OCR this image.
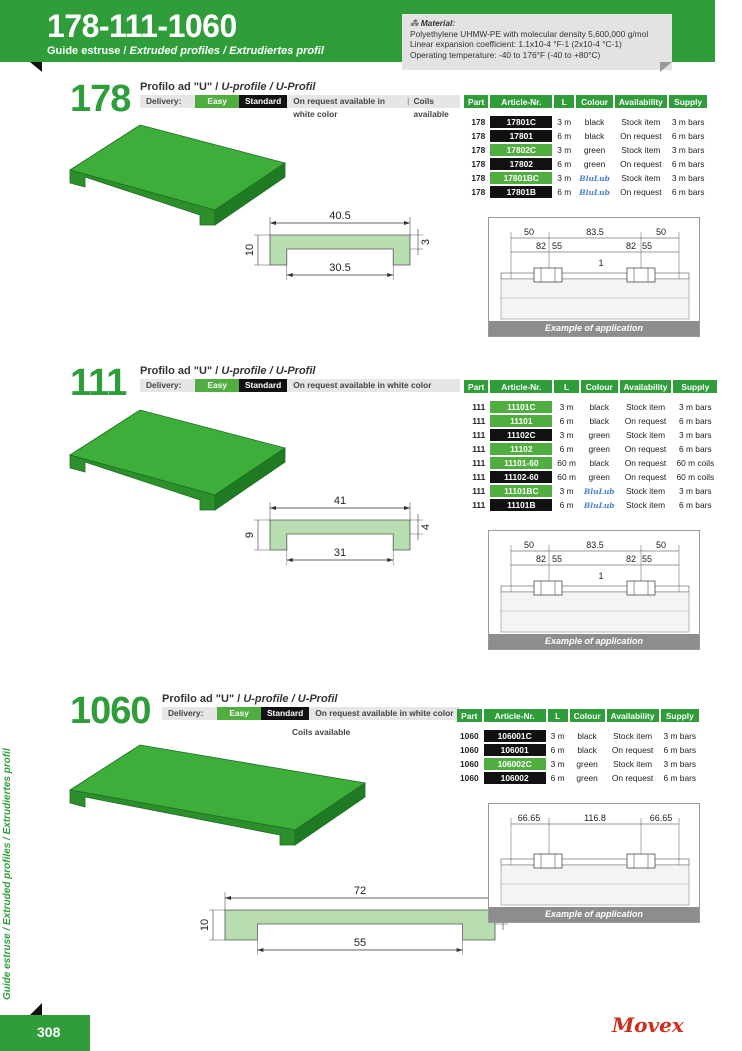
178-111-1060
Guide estruse / Extruded profiles / Extrudiertes profil
⁂ Material:
Polyethylene UHMW-PE with molecular density 5,600,000 g/mol
Linear expansion coefficient: 1.1x10-4 °F-1 (2x10-4 °C-1)
Operating temperature: -40 to 176°F (-40 to +80°C)
178 Profilo ad "U" / U-profile / U-Profil
Delivery:	Easy	Standard	On request available in white color
| Coils available
Part	Article-Nr.	L	Colour	Availability	Supply

178	17801C	3 m	black	Stock item	3 m bars
178	17801	6 m	black	On request	6 m bars
178	17802C	3 m	green	Stock item	3 m bars
178	17802	6 m	green	On request	6 m bars
178	17801BC	3 m	BluLub	Stock item	3 m bars
178	17801B	6 m	BluLub	On request	6 m bars
40.5
10
3
30.5
50	83.5	50
82 55	82 55
1
Example of application
111 Profilo ad "U" / U-profile / U-Profil
Delivery:	Easy	Standard	On request available in white color	Part	Article-Nr.	L	Colour	Availability	Supply

111	11101C	3 m	black	Stock item	3 m bars
111	11101	6 m	black	On request	6 m bars
111	11102C	3 m	green	Stock item	3 m bars
111	11102	6 m	green	On request	6 m bars
111	11101-60	60 m	black	On request	60 m coils
111	11102-60	60 m	green	On request	60 m coils
111	11101BC	3 m	BluLub	Stock item	3 m bars
111	11101B	6 m	BluLub	Stock item	6 m bars
41
9
4
31
50	83.5	50
82 55	82 55
1
Example of application
1060 Profilo ad "U" / U-profile / U-Profil
Delivery:	Easy	Standard	On request available in white color
Coils available
Part	Article-Nr.	L	Colour	Availability	Supply

1060	106001C	3 m	black	Stock item	3 m bars
1060	106001	6 m	black	On request	6 m bars
1060	106002C	3 m	green	Stock item	3 m bars
1060	106002	6 m	green	On request	6 m bars
72
10
55
66.65	116.8	66.65
Example of application
Guide estruse / Extruded profiles / Extrudiertes profil
308	Movex
